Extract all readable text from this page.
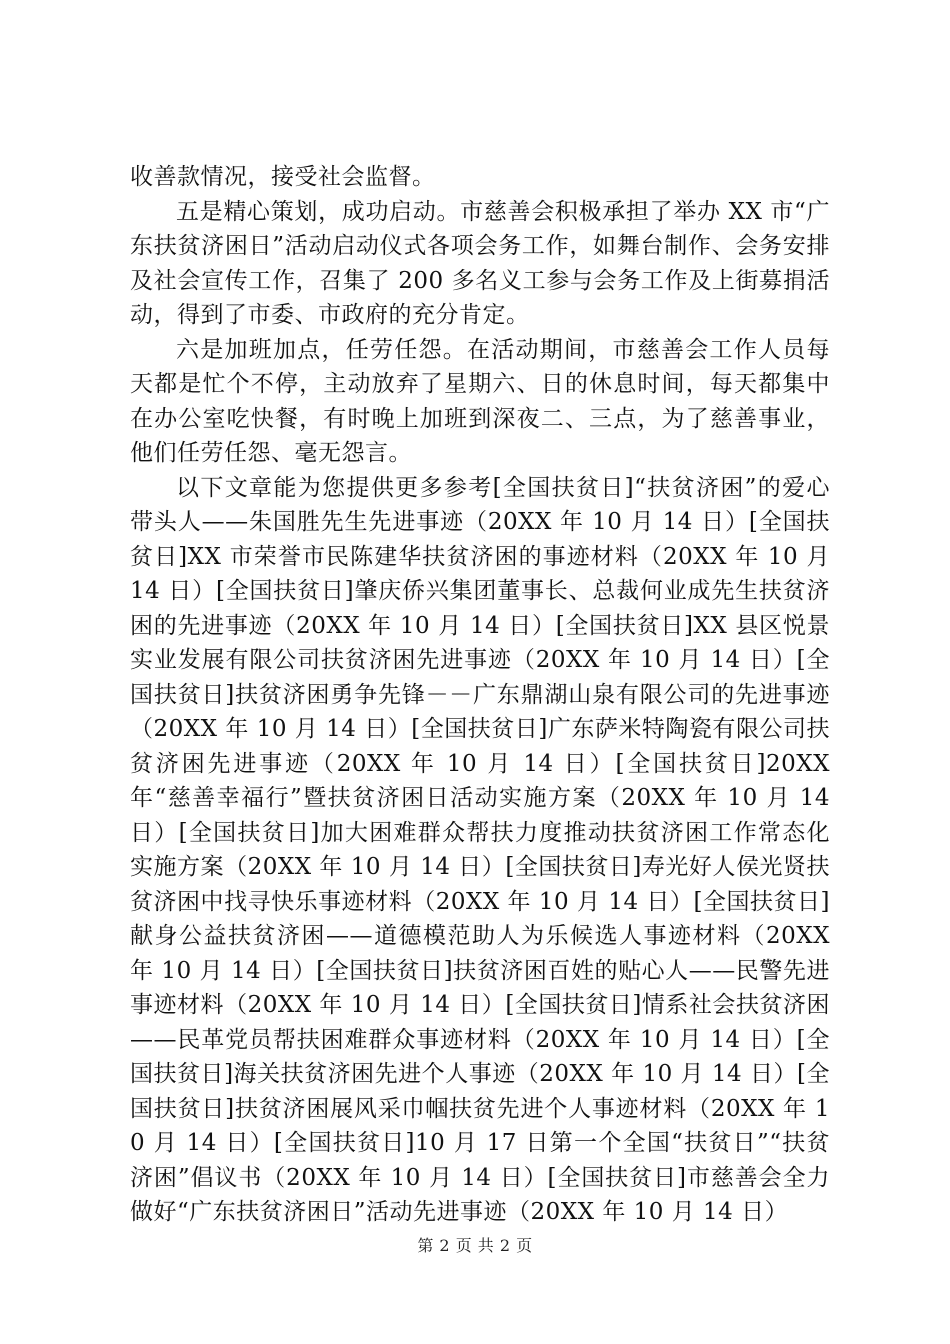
收善款情况，接受社会监督。

五是精心策划，成功启动。市慈善会积极承担了举办 XX 市“广东扶贫济困日”活动启动仪式各项会务工作，如舞台制作、会务安排及社会宣传工作，召集了 200 多名义工参与会务工作及上街募捐活动，得到了市委、市政府的充分肯定。

六是加班加点，任劳任怨。在活动期间，市慈善会工作人员每天都是忙个不停，主动放弃了星期六、日的休息时间，每天都集中在办公室吃快餐，有时晚上加班到深夜二、三点，为了慈善事业，他们任劳任怨、毫无怨言。

以下文章能为您提供更多参考[全国扶贫日]“扶贫济困”的爱心带头人——朱国胜先生先进事迹（20XX 年 10 月 14 日）[全国扶贫日]XX 市荣誉市民陈建华扶贫济困的事迹材料（20XX 年 10 月 14 日）[全国扶贫日]肇庆侨兴集团董事长、总裁何业成先生扶贫济困的先进事迹（20XX 年 10 月 14 日）[全国扶贫日]XX 县区悦景实业发展有限公司扶贫济困先进事迹（20XX 年 10 月 14 日）[全国扶贫日]扶贫济困勇争先锋－－广东鼎湖山泉有限公司的先进事迹（20XX 年 10 月 14 日）[全国扶贫日]广东萨米特陶瓷有限公司扶贫济困先进事迹（20XX 年 10 月 14 日）[全国扶贫日]20XX 年“慈善幸福行”暨扶贫济困日活动实施方案（20XX 年 10 月 14 日）[全国扶贫日]加大困难群众帮扶力度推动扶贫济困工作常态化实施方案（20XX 年 10 月 14 日）[全国扶贫日]寿光好人侯光贤扶贫济困中找寻快乐事迹材料（20XX 年 10 月 14 日）[全国扶贫日]献身公益扶贫济困——道德模范助人为乐候选人事迹材料（20XX 年 10 月 14 日）[全国扶贫日]扶贫济困百姓的贴心人——民警先进事迹材料（20XX 年 10 月 14 日）[全国扶贫日]情系社会扶贫济困——民革党员帮扶困难群众事迹材料（20XX 年 10 月 14 日）[全国扶贫日]海关扶贫济困先进个人事迹（20XX 年 10 月 14 日）[全国扶贫日]扶贫济困展风采巾帼扶贫先进个人事迹材料（20XX 年 10 月 14 日）[全国扶贫日]10 月 17 日第一个全国“扶贫日”“扶贫济困”倡议书（20XX 年 10 月 14 日）[全国扶贫日]市慈善会全力做好“广东扶贫济困日”活动先进事迹（20XX 年 10 月 14 日）

第 2 页 共 2 页
